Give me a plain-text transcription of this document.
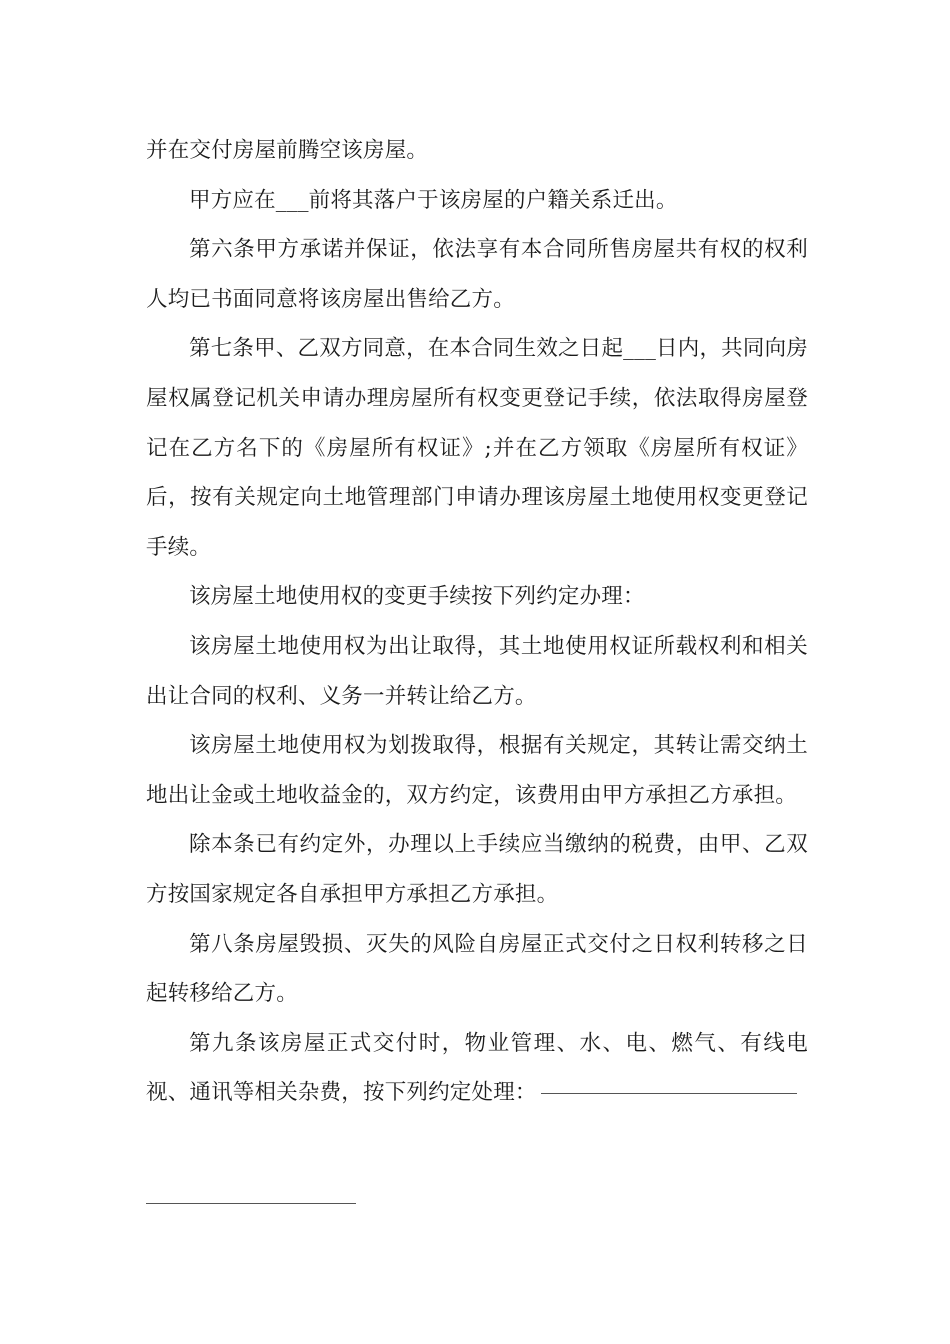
并在交付房屋前腾空该房屋。

甲方应在___前将其落户于该房屋的户籍关系迁出。

第六条甲方承诺并保证，依法享有本合同所售房屋共有权的权利人均已书面同意将该房屋出售给乙方。

第七条甲、乙双方同意，在本合同生效之日起___日内，共同向房屋权属登记机关申请办理房屋所有权变更登记手续，依法取得房屋登记在乙方名下的《房屋所有权证》;并在乙方领取《房屋所有权证》后，按有关规定向土地管理部门申请办理该房屋土地使用权变更登记手续。

该房屋土地使用权的变更手续按下列约定办理：

该房屋土地使用权为出让取得，其土地使用权证所载权利和相关出让合同的权利、义务一并转让给乙方。

该房屋土地使用权为划拨取得，根据有关规定，其转让需交纳土地出让金或土地收益金的，双方约定，该费用由甲方承担乙方承担。

除本条已有约定外，办理以上手续应当缴纳的税费，由甲、乙双方按国家规定各自承担甲方承担乙方承担。

第八条房屋毁损、灭失的风险自房屋正式交付之日权利转移之日起转移给乙方。

第九条该房屋正式交付时，物业管理、水、电、燃气、有线电视、通讯等相关杂费，按下列约定处理：
